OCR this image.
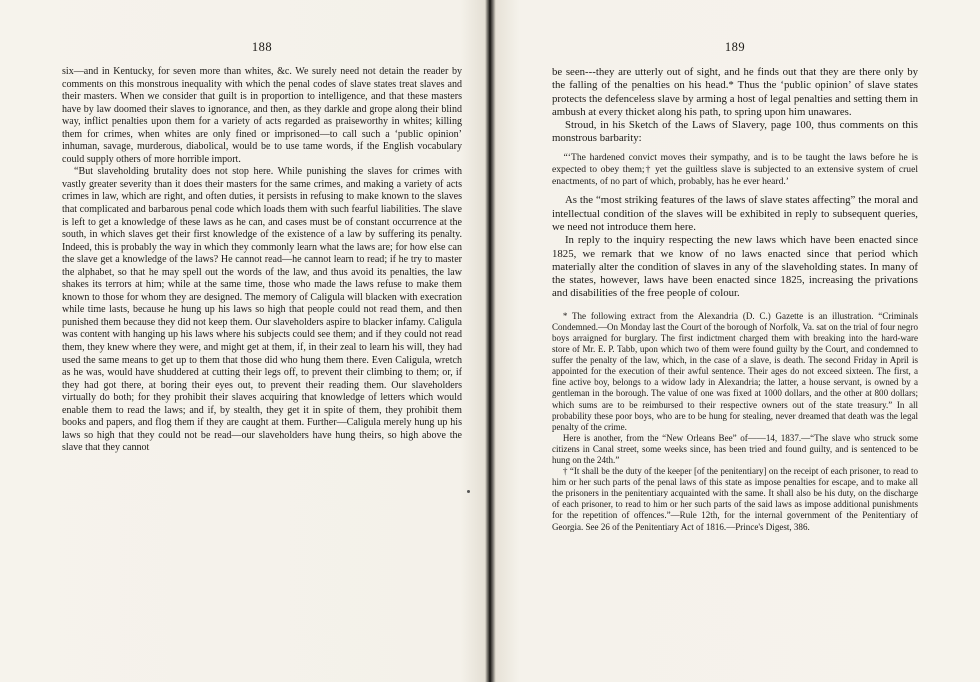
188

six—and in Kentucky, for seven more than whites, &c. We surely need not detain the reader by comments on this monstrous inequality with which the penal codes of slave states treat slaves and their masters. When we consider that guilt is in proportion to intelligence, and that these masters have by law doomed their slaves to ignorance, and then, as they darkle and grope along their blind way, inflict penalties upon them for a variety of acts regarded as praiseworthy in whites; killing them for crimes, when whites are only fined or imprisoned—to call such a ‘public opinion’ inhuman, savage, murderous, diabolical, would be to use tame words, if the English vocabulary could supply others of more horrible import.

“But slaveholding brutality does not stop here. While punishing the slaves for crimes with vastly greater severity than it does their masters for the same crimes, and making a variety of acts crimes in law, which are right, and often duties, it persists in refusing to make known to the slaves that complicated and barbarous penal code which loads them with such fearful liabilities. The slave is left to get a knowledge of these laws as he can, and cases must be of constant occurrence at the south, in which slaves get their first knowledge of the existence of a law by suffering its penalty. Indeed, this is probably the way in which they commonly learn what the laws are; for how else can the slave get a knowledge of the laws? He cannot read—he cannot learn to read; if he try to master the alphabet, so that he may spell out the words of the law, and thus avoid its penalties, the law shakes its terrors at him; while at the same time, those who made the laws refuse to make them known to those for whom they are designed. The memory of Caligula will blacken with execration while time lasts, because he hung up his laws so high that people could not read them, and then punished them because they did not keep them. Our slaveholders aspire to blacker infamy. Caligula was content with hanging up his laws where his subjects could see them; and if they could not read them, they knew where they were, and might get at them, if, in their zeal to learn his will, they had used the same means to get up to them that those did who hung them there. Even Caligula, wretch as he was, would have shuddered at cutting their legs off, to prevent their climbing to them; or, if they had got there, at boring their eyes out, to prevent their reading them. Our slaveholders virtually do both; for they prohibit their slaves acquiring that knowledge of letters which would enable them to read the laws; and if, by stealth, they get it in spite of them, they prohibit them books and papers, and flog them if they are caught at them. Further—Caligula merely hung up his laws so high that they could not be read—our slaveholders have hung theirs, so high above the slave that they cannot

189

be seen---they are utterly out of sight, and he finds out that they are there only by the falling of the penalties on his head.* Thus the ‘public opinion’ of slave states protects the defenceless slave by arming a host of legal penalties and setting them in ambush at every thicket along his path, to spring upon him unawares.

Stroud, in his Sketch of the Laws of Slavery, page 100, thus comments on this monstrous barbarity:

“‘The hardened convict moves their sympathy, and is to be taught the laws before he is expected to obey them;† yet the guiltless slave is subjected to an extensive system of cruel enactments, of no part of which, probably, has he ever heard.’

As the “most striking features of the laws of slave states affecting” the moral and intellectual condition of the slaves will be exhibited in reply to subsequent queries, we need not introduce them here.

In reply to the inquiry respecting the new laws which have been enacted since 1825, we remark that we know of no laws enacted since that period which materially alter the condition of slaves in any of the slaveholding states. In many of the states, however, laws have been enacted since 1825, increasing the privations and disabilities of the free people of colour.

* The following extract from the Alexandria (D. C.) Gazette is an illustration. “Criminals Condemned.—On Monday last the Court of the borough of Norfolk, Va. sat on the trial of four negro boys arraigned for burglary. The first indictment charged them with breaking into the hard-ware store of Mr. E. P. Tabb, upon which two of them were found guilty by the Court, and condemned to suffer the penalty of the law, which, in the case of a slave, is death. The second Friday in April is appointed for the execution of their awful sentence. Their ages do not exceed sixteen. The first, a fine active boy, belongs to a widow lady in Alexandria; the latter, a house servant, is owned by a gentleman in the borough. The value of one was fixed at 1000 dollars, and the other at 800 dollars; which sums are to be reimbursed to their respective owners out of the state treasury.” In all probability these poor boys, who are to be hung for stealing, never dreamed that death was the legal penalty of the crime.

Here is another, from the “New Orleans Bee” of——14, 1837.—“The slave who struck some citizens in Canal street, some weeks since, has been tried and found guilty, and is sentenced to be hung on the 24th.”

† “It shall be the duty of the keeper [of the penitentiary] on the receipt of each prisoner, to read to him or her such parts of the penal laws of this state as impose penalties for escape, and to make all the prisoners in the penitentiary acquainted with the same. It shall also be his duty, on the discharge of each prisoner, to read to him or her such parts of the said laws as impose additional punishments for the repetition of offences.”—Rule 12th, for the internal government of the Penitentiary of Georgia. See 26 of the Penitentiary Act of 1816.—Prince's Digest, 386.
